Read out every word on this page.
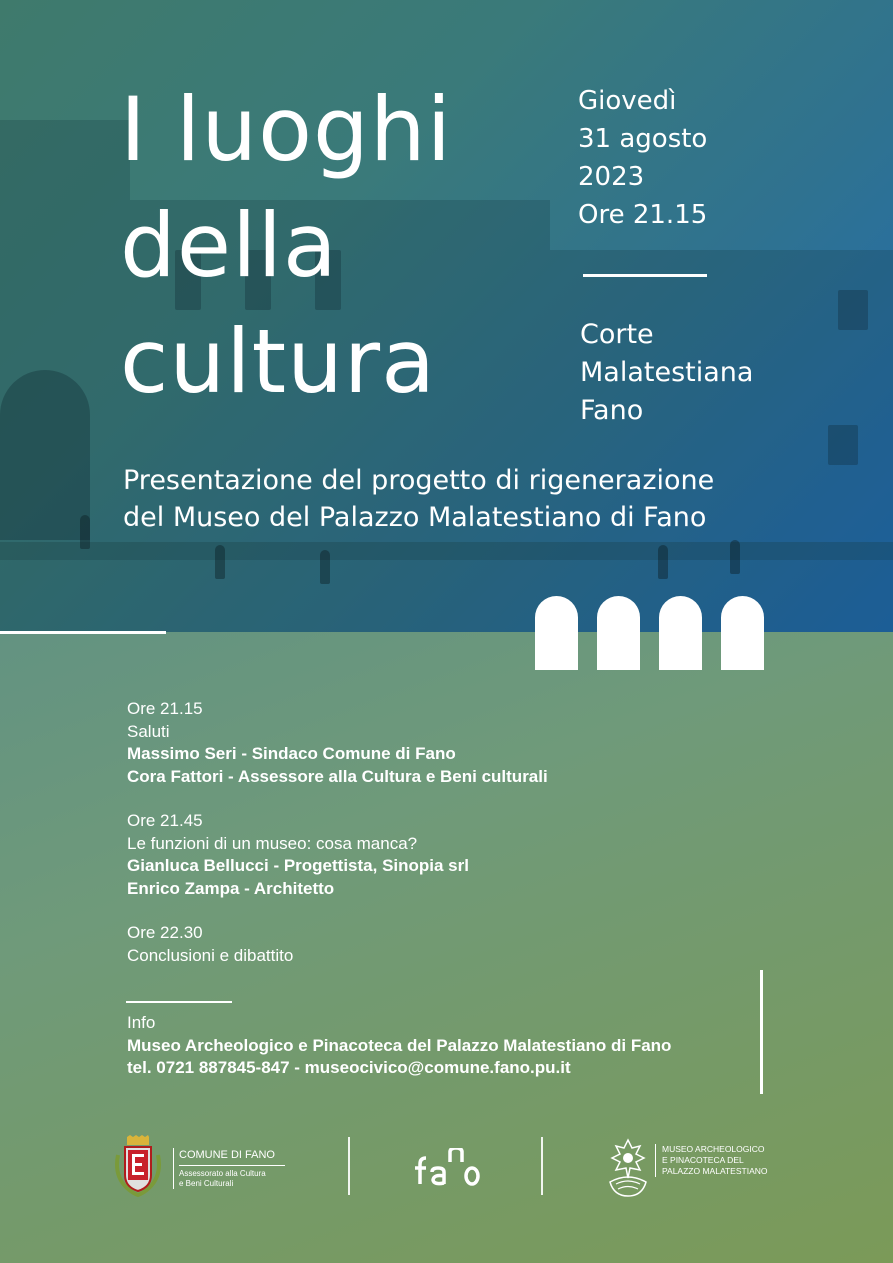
I luoghi
della
cultura
Giovedì
31 agosto
2023
Ore 21.15
Corte
Malatestiana
Fano
Presentazione del progetto di rigenerazione
del Museo del Palazzo Malatestiano di Fano
Ore 21.15
Saluti
Massimo Seri - Sindaco Comune di Fano
Cora Fattori - Assessore alla Cultura e Beni culturali
Ore 21.45
Le funzioni di un museo: cosa manca?
Gianluca Bellucci - Progettista, Sinopia srl
Enrico Zampa - Architetto
Ore 22.30
Conclusioni e dibattito
Info
Museo Archeologico e Pinacoteca del Palazzo Malatestiano di Fano
tel. 0721 887845-847 - museocivico@comune.fano.pu.it
COMUNE DI FANO
Assessorato alla Cultura
e Beni Culturali
MUSEO ARCHEOLOGICO
E PINACOTECA DEL
PALAZZO MALATESTIANO
